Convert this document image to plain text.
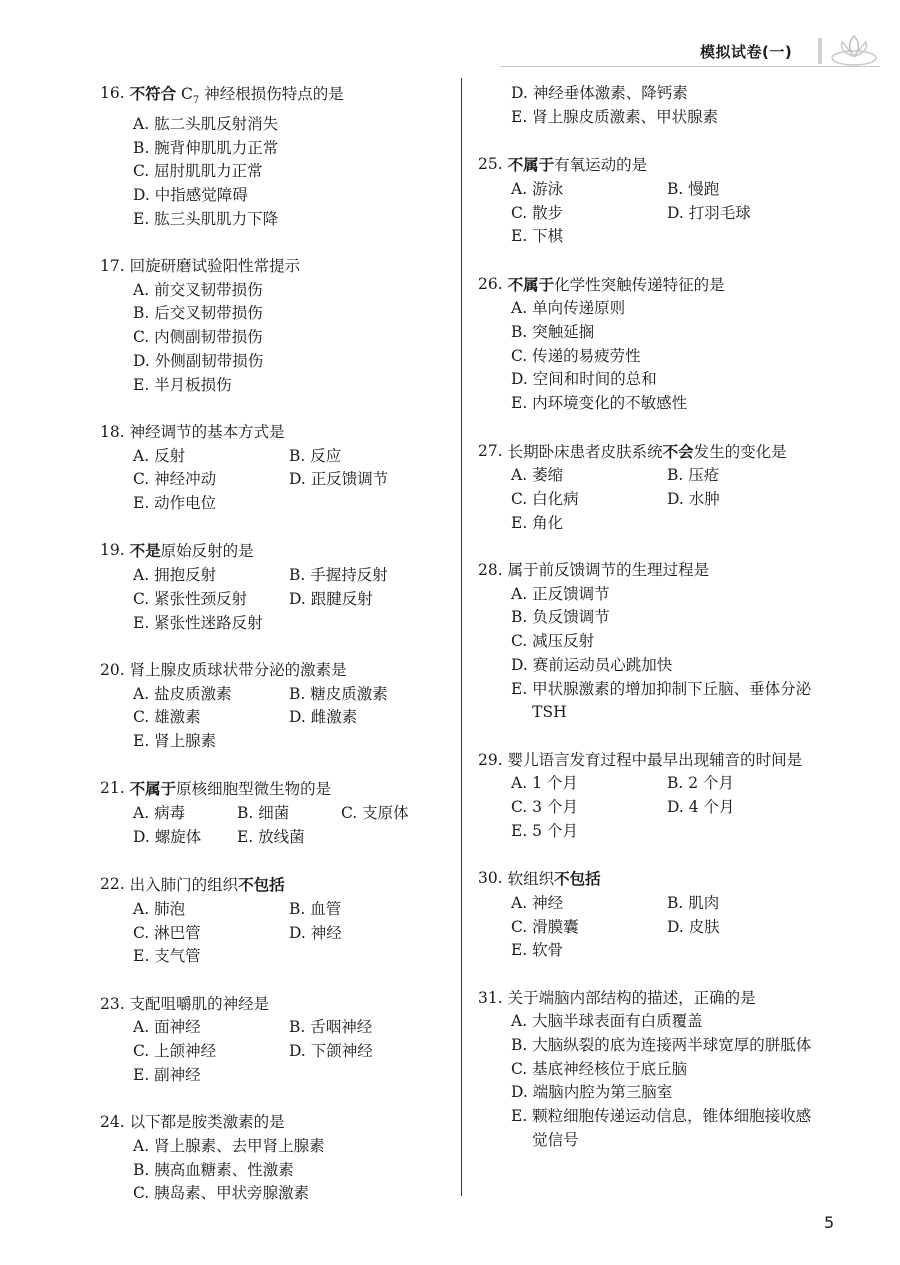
模拟试卷(一)
16. 不符合 $C_7$ 神经根损伤特点的是
A. 肱二头肌反射消失
B. 腕背伸肌肌力正常
C. 屈肘肌肌力正常
D. 中指感觉障碍
E. 肱三头肌肌力下降
17. 回旋研磨试验阳性常提示
A. 前交叉韧带损伤
B. 后交叉韧带损伤
C. 内侧副韧带损伤
D. 外侧副韧带损伤
E. 半月板损伤
18. 神经调节的基本方式是
A. 反射	B. 反应
C. 神经冲动	D. 正反馈调节
E. 动作电位
19. 不是原始反射的是
A. 拥抱反射	B. 手握持反射
C. 紧张性颈反射	D. 跟腱反射
E. 紧张性迷路反射
20. 肾上腺皮质球状带分泌的激素是
A. 盐皮质激素	B. 糖皮质激素
C. 雄激素	D. 雌激素
E. 肾上腺素
21. 不属于原核细胞型微生物的是
A. 病毒	B. 细菌	C. 支原体
D. 螺旋体	E. 放线菌
22. 出入肺门的组织不包括
A. 肺泡	B. 血管
C. 淋巴管	D. 神经
E. 支气管
23. 支配咀嚼肌的神经是
A. 面神经	B. 舌咽神经
C. 上颌神经	D. 下颌神经
E. 副神经
24. 以下都是胺类激素的是
A. 肾上腺素、去甲肾上腺素
B. 胰高血糖素、性激素
C. 胰岛素、甲状旁腺激素
D. 神经垂体激素、降钙素
E. 肾上腺皮质激素、甲状腺素
25. 不属于有氧运动的是
A. 游泳	B. 慢跑
C. 散步	D. 打羽毛球
E. 下棋
26. 不属于化学性突触传递特征的是
A. 单向传递原则
B. 突触延搁
C. 传递的易疲劳性
D. 空间和时间的总和
E. 内环境变化的不敏感性
27. 长期卧床患者皮肤系统不会发生的变化是
A. 萎缩	B. 压疮
C. 白化病	D. 水肿
E. 角化
28. 属于前反馈调节的生理过程是
A. 正反馈调节
B. 负反馈调节
C. 减压反射
D. 赛前运动员心跳加快
E. 甲状腺激素的增加抑制下丘脑、垂体分泌 TSH
29. 婴儿语言发育过程中最早出现辅音的时间是
A. 1 个月	B. 2 个月
C. 3 个月	D. 4 个月
E. 5 个月
30. 软组织不包括
A. 神经	B. 肌肉
C. 滑膜囊	D. 皮肤
E. 软骨
31. 关于端脑内部结构的描述，正确的是
A. 大脑半球表面有白质覆盖
B. 大脑纵裂的底为连接两半球宽厚的胼胝体
C. 基底神经核位于底丘脑
D. 端脑内腔为第三脑室
E. 颗粒细胞传递运动信息，锥体细胞接收感觉信号
5
